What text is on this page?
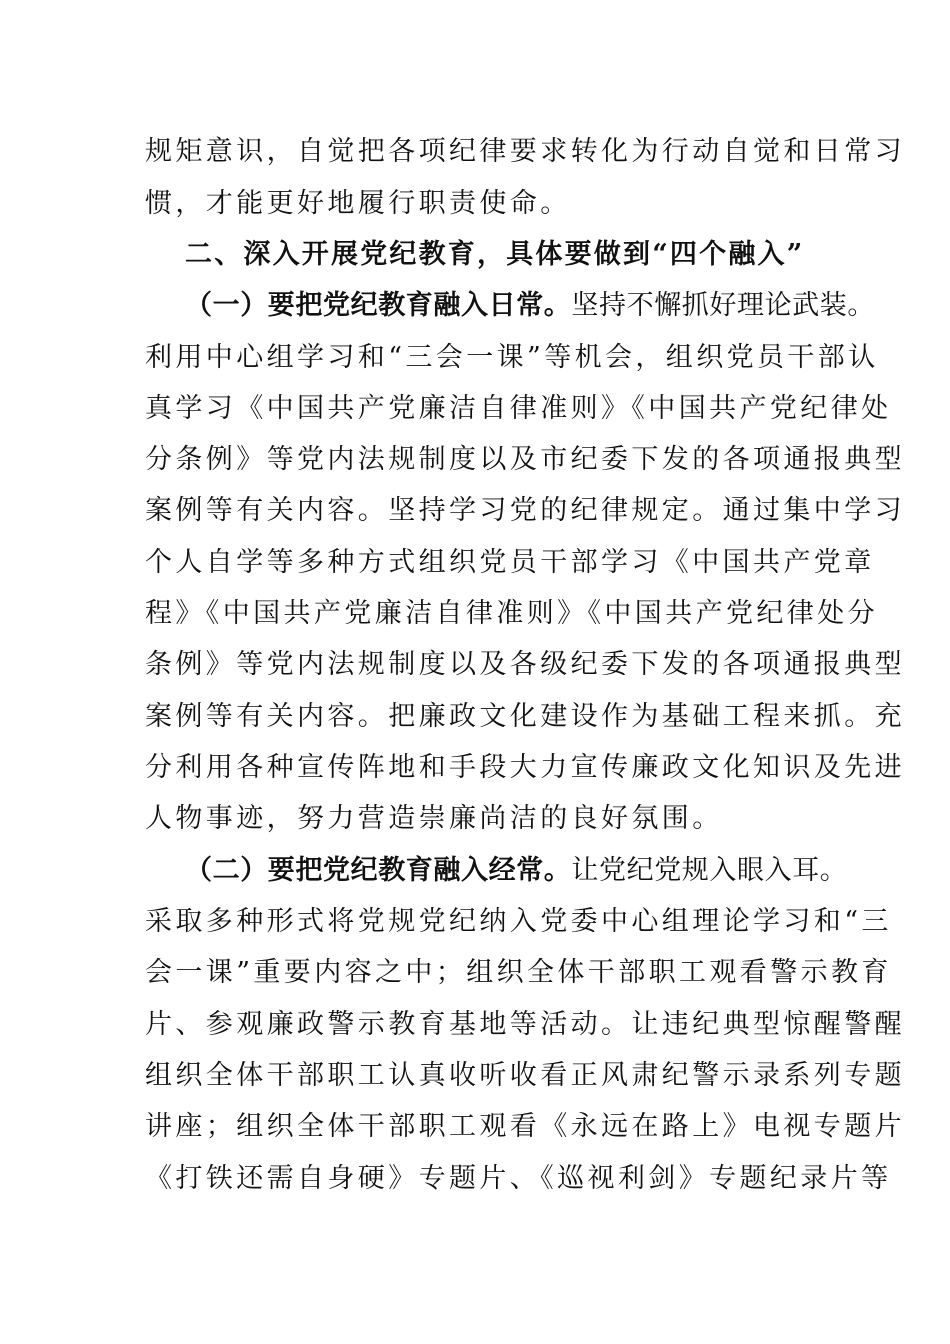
规矩意识，自觉把各项纪律要求转化为行动自觉和日常习
惯，才能更好地履行职责使命。
二、深入开展党纪教育，具体要做到“四个融入”
（一）要把党纪教育融入日常。坚持不懈抓好理论武装。
利用中心组学习和“三会一课”等机会，组织党员干部认
真学习《中国共产党廉洁自律准则》《中国共产党纪律处
分条例》等党内法规制度以及市纪委下发的各项通报典型
案例等有关内容。坚持学习党的纪律规定。通过集中学习
个人自学等多种方式组织党员干部学习《中国共产党章
程》《中国共产党廉洁自律准则》《中国共产党纪律处分
条例》等党内法规制度以及各级纪委下发的各项通报典型
案例等有关内容。把廉政文化建设作为基础工程来抓。充
分利用各种宣传阵地和手段大力宣传廉政文化知识及先进
人物事迹，努力营造崇廉尚洁的良好氛围。
（二）要把党纪教育融入经常。让党纪党规入眼入耳。
采取多种形式将党规党纪纳入党委中心组理论学习和“三
会一课”重要内容之中；组织全体干部职工观看警示教育
片、参观廉政警示教育基地等活动。让违纪典型惊醒警醒
组织全体干部职工认真收听收看正风肃纪警示录系列专题
讲座；组织全体干部职工观看《永远在路上》电视专题片
《打铁还需自身硬》专题片、《巡视利剑》专题纪录片等
